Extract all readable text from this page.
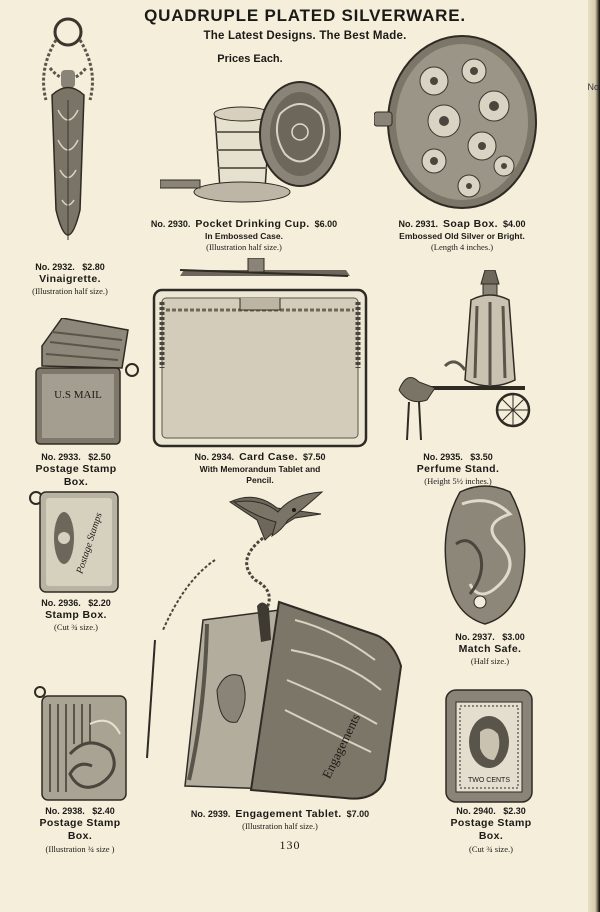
No
QUADRUPLE PLATED SILVERWARE.
The Latest Designs. The Best Made.
Prices Each.
No. 2932. $2.80
Vinaigrette.
(Illustration half size.)
No. 2930. Pocket Drinking Cup. $6.00
In Embossed Case.
(Illustration half size.)
No. 2931. Soap Box. $4.00
Embossed Old Silver or Bright.
(Length 4 inches.)
No. 2934. Card Case. $7.50
With Memorandum Tablet and
Pencil.
U.S MAIL
No. 2933. $2.50
Postage Stamp
Box.
No. 2935. $3.50
Perfume Stand.
(Height 5½ inches.)
Postage Stamps
No. 2936. $2.20
Stamp Box.
(Cut ¾ size.)
No. 2937. $3.00
Match Safe.
(Half size.)
Engagements
No. 2939. Engagement Tablet. $7.00
(Illustration half size.)
No. 2938. $2.40
Postage Stamp
Box.
(Illustration ¾ size )
TWO CENTS
No. 2940. $2.30
Postage Stamp
Box.
(Cut ¾ size.)
130
